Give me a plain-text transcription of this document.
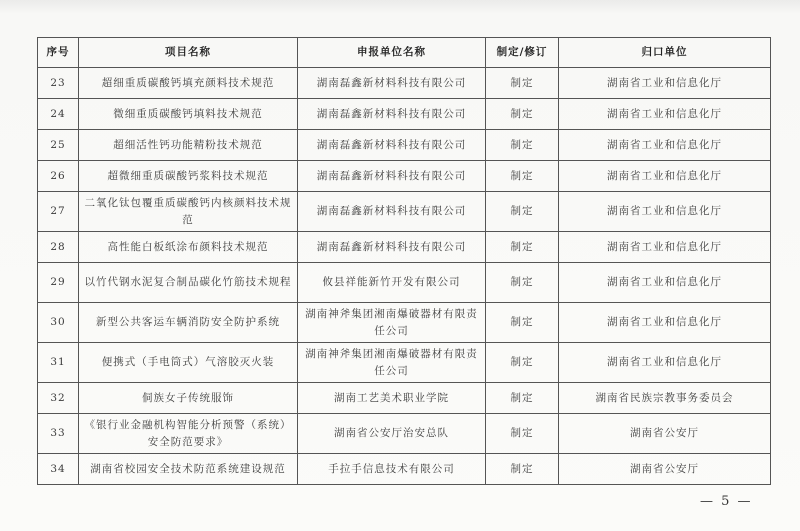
序号	项目名称	申报单位名称	制定/修订	归口单位
23	超细重质碳酸钙填充颜料技术规范	湖南磊鑫新材料科技有限公司	制定	湖南省工业和信息化厅
24	微细重质碳酸钙填料技术规范	湖南磊鑫新材料科技有限公司	制定	湖南省工业和信息化厅
25	超细活性钙功能精粉技术规范	湖南磊鑫新材料科技有限公司	制定	湖南省工业和信息化厅
26	超微细重质碳酸钙浆料技术规范	湖南磊鑫新材料科技有限公司	制定	湖南省工业和信息化厅
27	二氧化钛包覆重质碳酸钙内核颜料技术规范	湖南磊鑫新材料科技有限公司	制定	湖南省工业和信息化厅
28	高性能白板纸涂布颜料技术规范	湖南磊鑫新材料科技有限公司	制定	湖南省工业和信息化厅
29	以竹代钢水泥复合制品碳化竹筋技术规程	攸县祥能新竹开发有限公司	制定	湖南省工业和信息化厅
30	新型公共客运车辆消防安全防护系统	湖南神斧集团湘南爆破器材有限责任公司	制定	湖南省工业和信息化厅
31	便携式（手电筒式）气溶胶灭火装	湖南神斧集团湘南爆破器材有限责任公司	制定	湖南省工业和信息化厅
32	侗族女子传统服饰	湖南工艺美术职业学院	制定	湖南省民族宗教事务委员会
33	《银行业金融机构智能分析预警（系统）安全防范要求》	湖南省公安厅治安总队	制定	湖南省公安厅
34	湖南省校园安全技术防范系统建设规范	手拉手信息技术有限公司	制定	湖南省公安厅
— 5 —
